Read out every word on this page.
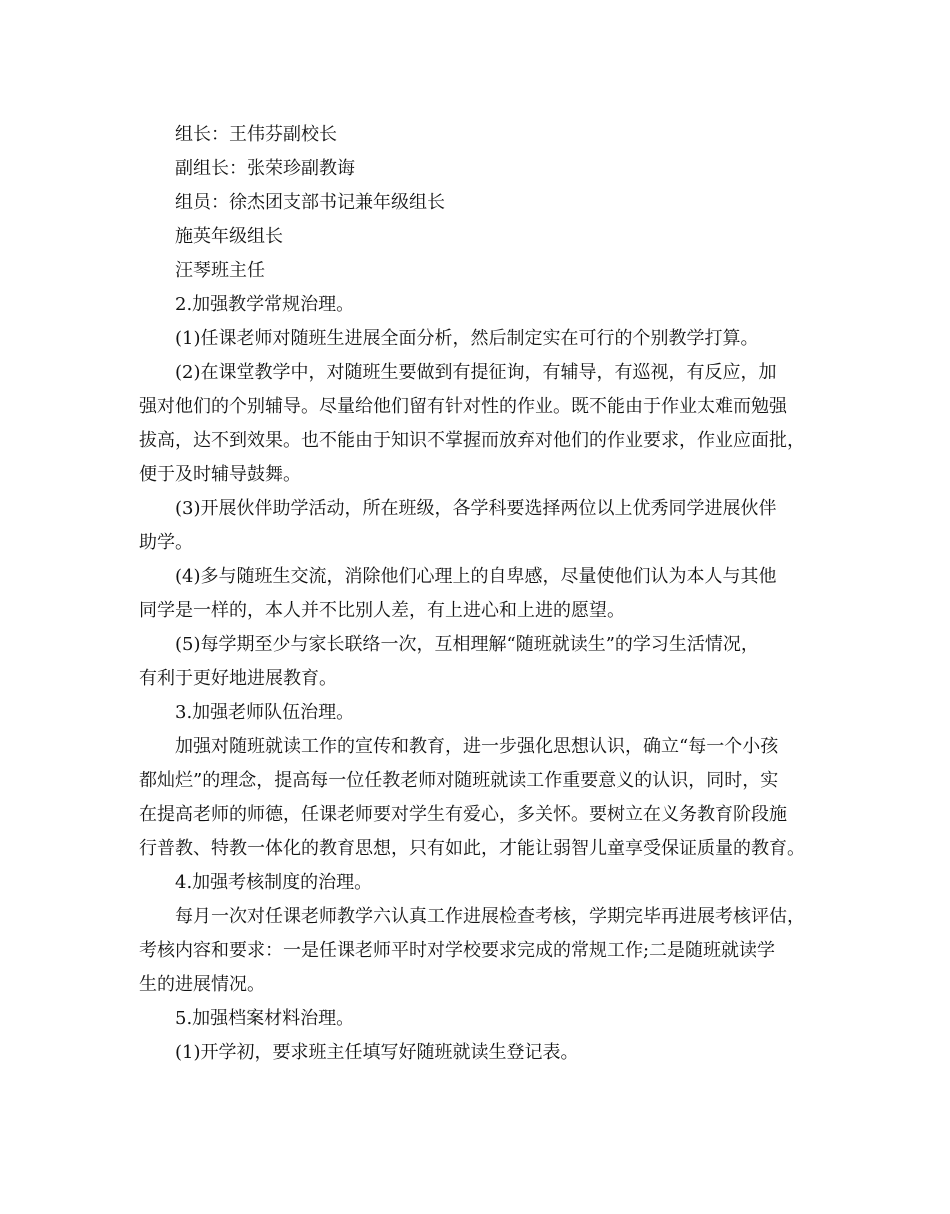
组长：王伟芬副校长
副组长：张荣珍副教诲
组员：徐杰团支部书记兼年级组长
施英年级组长
汪琴班主任
2.加强教学常规治理。
(1)任课老师对随班生进展全面分析，然后制定实在可行的个别教学打算。
(2)在课堂教学中，对随班生要做到有提征询，有辅导，有巡视，有反应，加
强对他们的个别辅导。尽量给他们留有针对性的作业。既不能由于作业太难而勉强
拔高，达不到效果。也不能由于知识不掌握而放弃对他们的作业要求，作业应面批，
便于及时辅导鼓舞。
(3)开展伙伴助学活动，所在班级，各学科要选择两位以上优秀同学进展伙伴
助学。
(4)多与随班生交流，消除他们心理上的自卑感，尽量使他们认为本人与其他
同学是一样的，本人并不比别人差，有上进心和上进的愿望。
(5)每学期至少与家长联络一次，互相理解“随班就读生”的学习生活情况，
有利于更好地进展教育。
3.加强老师队伍治理。
加强对随班就读工作的宣传和教育，进一步强化思想认识，确立“每一个小孩
都灿烂”的理念，提高每一位任教老师对随班就读工作重要意义的认识，同时，实
在提高老师的师德，任课老师要对学生有爱心，多关怀。要树立在义务教育阶段施
行普教、特教一体化的教育思想，只有如此，才能让弱智儿童享受保证质量的教育。
4.加强考核制度的治理。
每月一次对任课老师教学六认真工作进展检查考核，学期完毕再进展考核评估，
考核内容和要求：一是任课老师平时对学校要求完成的常规工作;二是随班就读学
生的进展情况。
5.加强档案材料治理。
(1)开学初，要求班主任填写好随班就读生登记表。
